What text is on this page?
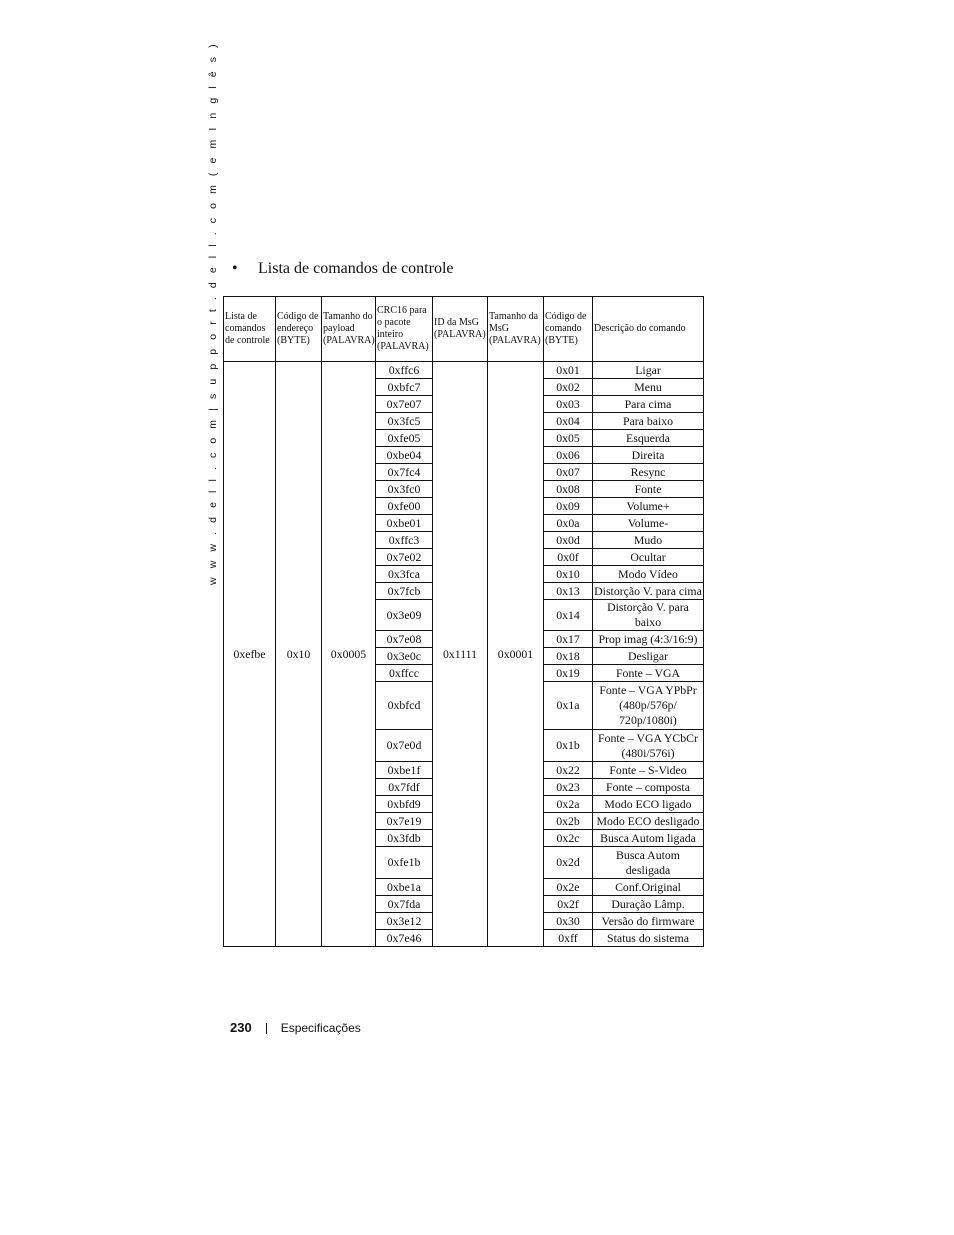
w w w . d e l l . c o m | s u p p o r t . d e l l . c o m ( e m I n g l ê s ) • Lista de comandos de controle
Lista de comandos de controle	Código de endereço (BYTE)	Tamanho do payload (PALAVRA)	CRC16 para o pacote inteiro (PALAVRA)	ID da MsG (PALAVRA)	Tamanho da MsG (PALAVRA)	Código de comando (BYTE)	Descrição do comando
0xefbe	0x10	0x0005	0xffc6	0x1111	0x0001	0x01	Ligar
			0xbfc7			0x02	Menu
			0x7e07			0x03	Para cima
			0x3fc5			0x04	Para baixo
			0xfe05			0x05	Esquerda
			0xbe04			0x06	Direita
			0x7fc4			0x07	Resync
			0x3fc0			0x08	Fonte
			0xfe00			0x09	Volume+
			0xbe01			0x0a	Volume-
			0xffc3			0x0d	Mudo
			0x7e02			0x0f	Ocultar
			0x3fca			0x10	Modo Vídeo
			0x7fcb			0x13	Distorção V. para cima
			0x3e09			0x14	Distorção V. para baixo
			0x7e08			0x17	Prop imag (4:3/16:9)
			0x3e0c			0x18	Desligar
			0xffcc			0x19	Fonte – VGA
			0xbfcd			0x1a	Fonte – VGA YPbPr (480p/576p/ 720p/1080i)
			0x7e0d			0x1b	Fonte – VGA YCbCr (480i/576i)
			0xbe1f			0x22	Fonte – S-Video
			0x7fdf			0x23	Fonte – composta
			0xbfd9			0x2a	Modo ECO ligado
			0x7e19			0x2b	Modo ECO desligado
			0x3fdb			0x2c	Busca Autom ligada
			0xfe1b			0x2d	Busca Autom desligada
			0xbe1a			0x2e	Conf.Original
			0x7fda			0x2f	Duração Lâmp.
			0x3e12			0x30	Versão do firmware
			0x7e46			0xff	Status do sistema
230 Especificações
